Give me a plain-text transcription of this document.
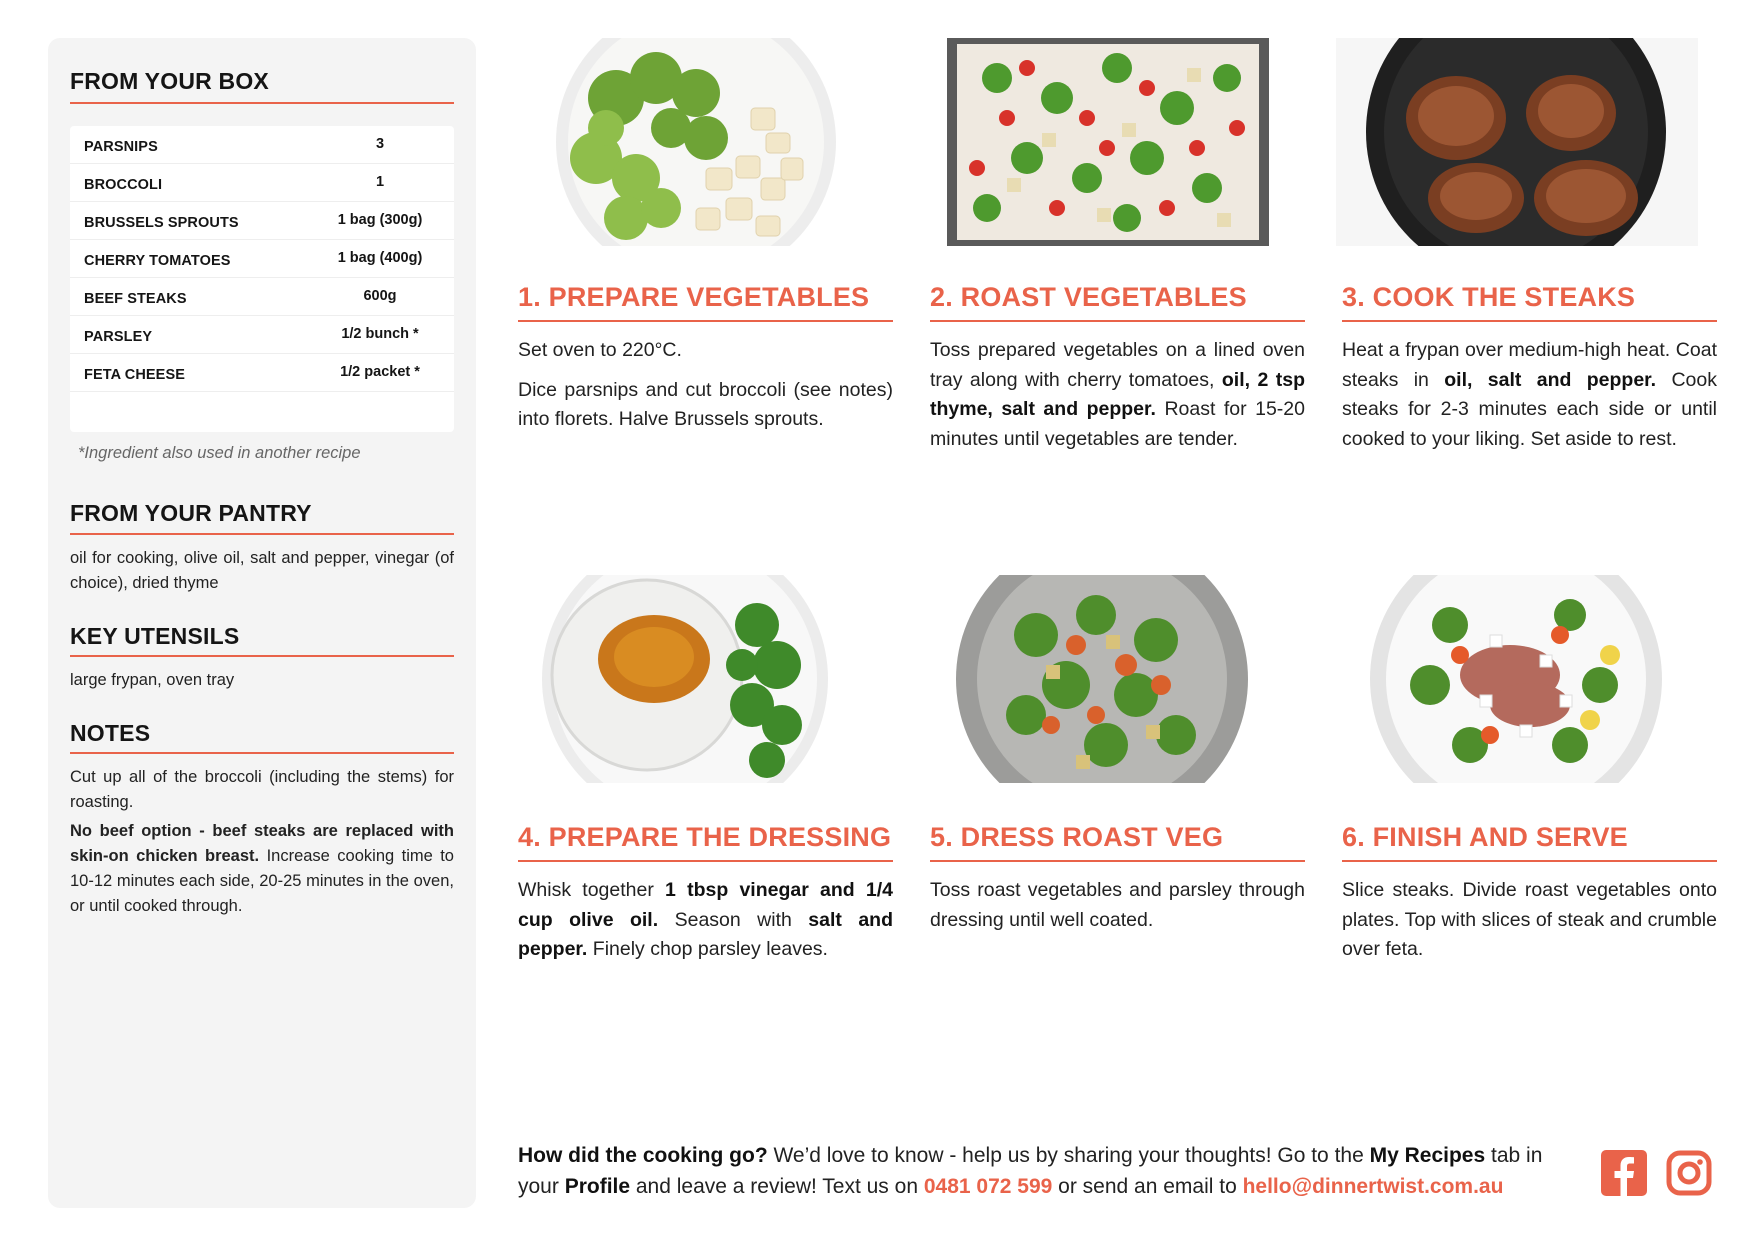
FROM YOUR BOX
PARSNIPS	3
BROCCOLI	1
BRUSSELS SPROUTS	1 bag (300g)
CHERRY TOMATOES	1 bag (400g)
BEEF STEAKS	600g
PARSLEY	1/2 bunch *
FETA CHEESE	1/2 packet *
*Ingredient also used in another recipe
FROM YOUR PANTRY
oil for cooking, olive oil, salt and pepper, vinegar (of choice), dried thyme
KEY UTENSILS
large frypan, oven tray
NOTES
Cut up all of the broccoli (including the stems) for roasting.
No beef option - beef steaks are replaced with skin-on chicken breast. Increase cooking time to 10-12 minutes each side, 20-25 minutes in the oven, or until cooked through.
1. PREPARE VEGETABLES

Set oven to 220°C.

Dice parsnips and cut broccoli (see notes) into florets. Halve Brussels sprouts.

2. ROAST VEGETABLES

Toss prepared vegetables on a lined oven tray along with cherry tomatoes, oil, 2 tsp thyme, salt and pepper. Roast for 15-20 minutes until vegetables are tender.

3. COOK THE STEAKS

Heat a frypan over medium-high heat. Coat steaks in oil, salt and pepper. Cook steaks for 2-3 minutes each side or until cooked to your liking. Set aside to rest.

4. PREPARE THE DRESSING

Whisk together 1 tbsp vinegar and 1/4 cup olive oil. Season with salt and pepper. Finely chop parsley leaves.

5. DRESS ROAST VEG

Toss roast vegetables and parsley through dressing until well coated.

6. FINISH AND SERVE

Slice steaks. Divide roast vegetables onto plates. Top with slices of steak and crumble over feta.

How did the cooking go? We’d love to know - help us by sharing your thoughts! Go to the My Recipes tab in your Profile and leave a review! Text us on 0481 072 599 or send an email to hello@dinnertwist.com.au
